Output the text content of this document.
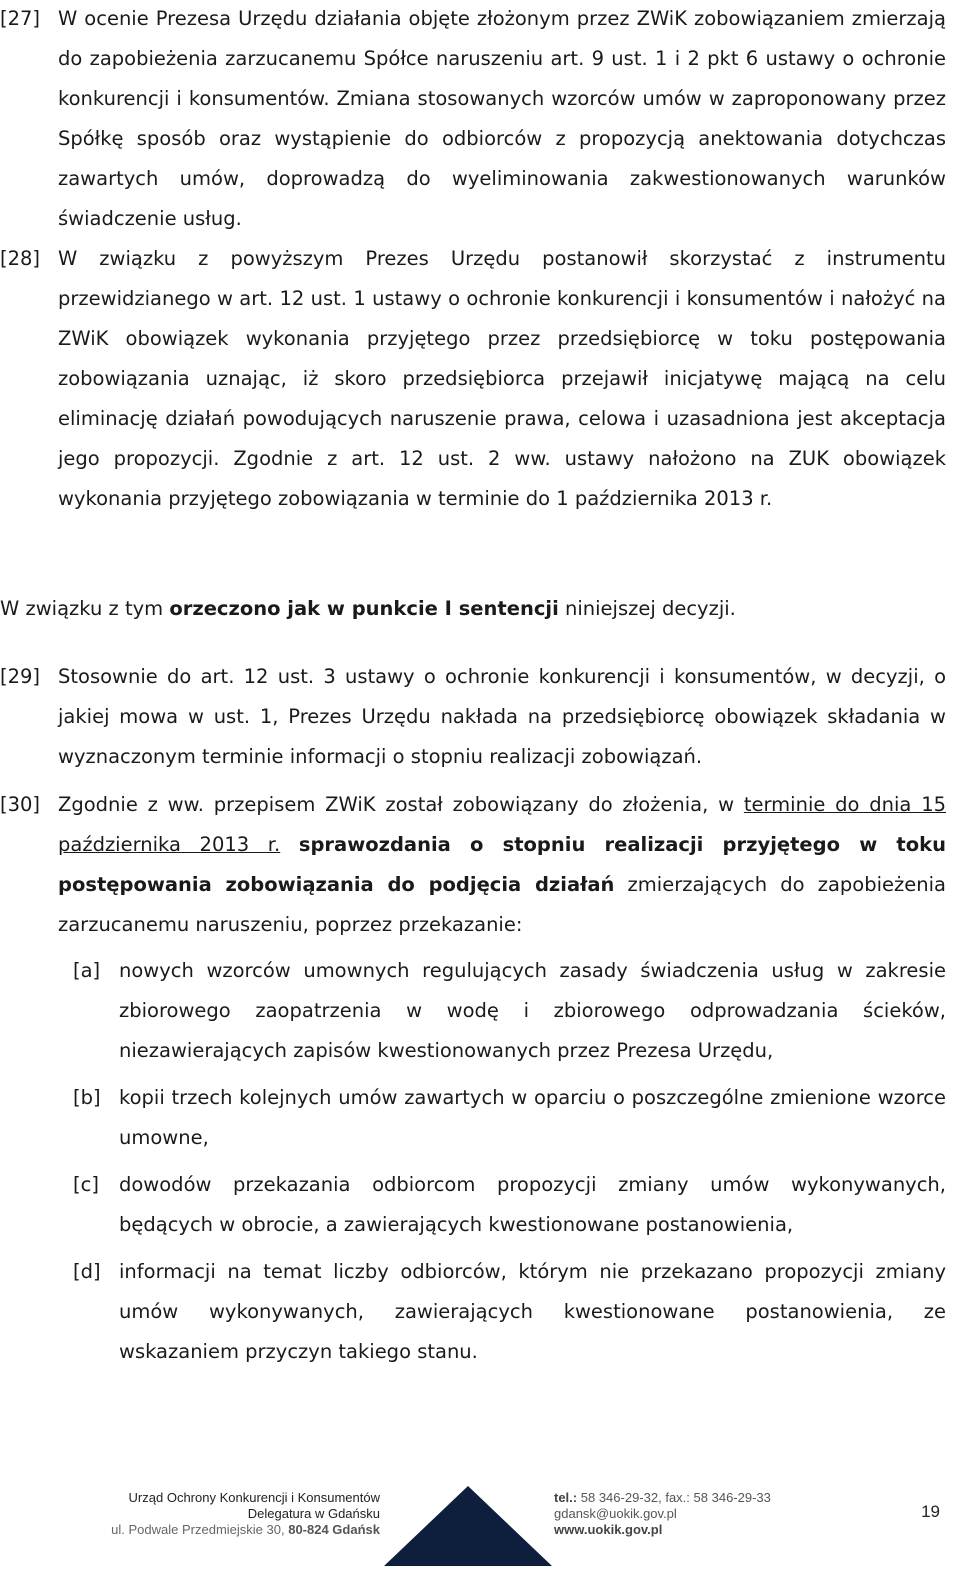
[27] W ocenie Prezesa Urzędu działania objęte złożonym przez ZWiK zobowiązaniem zmierzają do zapobieżenia zarzucanemu Spółce naruszeniu art. 9 ust. 1 i 2 pkt 6 ustawy o ochronie konkurencji i konsumentów. Zmiana stosowanych wzorców umów w zaproponowany przez Spółkę sposób oraz wystąpienie do odbiorców z propozycją anektowania dotychczas zawartych umów, doprowadzą do wyeliminowania zakwestionowanych warunków świadczenie usług.
[28] W związku z powyższym Prezes Urzędu postanowił skorzystać z instrumentu przewidzianego w art. 12 ust. 1 ustawy o ochronie konkurencji i konsumentów i nałożyć na ZWiK obowiązek wykonania przyjętego przez przedsiębiorcę w toku postępowania zobowiązania uznając, iż skoro przedsiębiorca przejawił inicjatywę mającą na celu eliminację działań powodujących naruszenie prawa, celowa i uzasadniona jest akceptacja jego propozycji. Zgodnie z art. 12 ust. 2 ww. ustawy nałożono na ZUK obowiązek wykonania przyjętego zobowiązania w terminie do 1 października 2013 r.
W związku z tym orzeczono jak w punkcie I sentencji niniejszej decyzji.
[29] Stosownie do art. 12 ust. 3 ustawy o ochronie konkurencji i konsumentów, w decyzji, o jakiej mowa w ust. 1, Prezes Urzędu nakłada na przedsiębiorcę obowiązek składania w wyznaczonym terminie informacji o stopniu realizacji zobowiązań.
[30] Zgodnie z ww. przepisem ZWiK został zobowiązany do złożenia, w terminie do dnia 15 października 2013 r. sprawozdania o stopniu realizacji przyjętego w toku postępowania zobowiązania do podjęcia działań zmierzających do zapobieżenia zarzucanemu naruszeniu, poprzez przekazanie:
[a] nowych wzorców umownych regulujących zasady świadczenia usług w zakresie zbiorowego zaopatrzenia w wodę i zbiorowego odprowadzania ścieków, niezawierających zapisów kwestionowanych przez Prezesa Urzędu,
[b] kopii trzech kolejnych umów zawartych w oparciu o poszczególne zmienione wzorce umowne,
[c] dowodów przekazania odbiorcom propozycji zmiany umów wykonywanych, będących w obrocie, a zawierających kwestionowane postanowienia,
[d] informacji na temat liczby odbiorców, którym nie przekazano propozycji zmiany umów wykonywanych, zawierających kwestionowane postanowienia, ze wskazaniem przyczyn takiego stanu.
Urząd Ochrony Konkurencji i Konsumentów
Delegatura w Gdańsku
ul. Podwale Przedmiejskie 30, 80-824 Gdańsk
tel.: 58 346-29-32, fax.: 58 346-29-33
gdansk@uokik.gov.pl
www.uokik.gov.pl
19
